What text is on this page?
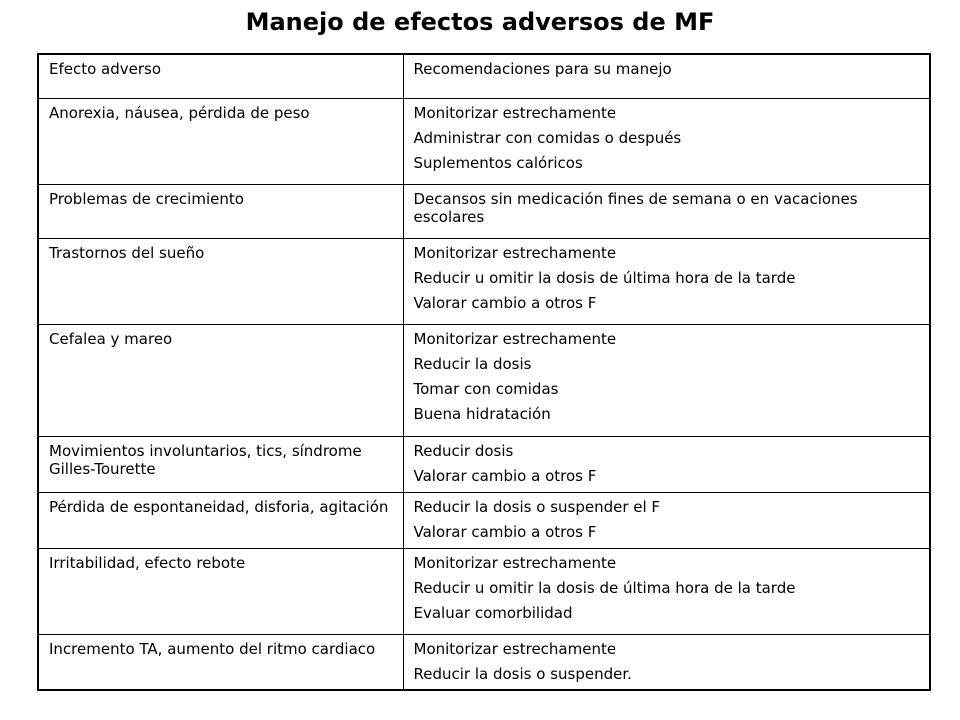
Manejo de efectos adversos de MF
Efecto adverso	Recomendaciones para su manejo

Anorexia, náusea, pérdida de peso	Monitorizar estrechamente
Administrar con comidas o después
Suplementos calóricos

Problemas de crecimiento	Decansos sin medicación fines de semana o en vacaciones escolares

Trastornos del sueño	Monitorizar estrechamente
Reducir u omitir la dosis de última hora de la tarde
Valorar cambio a otros F

Cefalea y mareo	Monitorizar estrechamente
Reducir la dosis
Tomar con comidas
Buena hidratación

Movimientos involuntarios, tics, síndrome Gilles-Tourette	Reducir dosis
Valorar cambio a otros F

Pérdida de espontaneidad, disforia, agitación	Reducir la dosis o suspender el F
Valorar cambio a otros F

Irritabilidad, efecto rebote	Monitorizar estrechamente
Reducir u omitir la dosis de última hora de la tarde
Evaluar comorbilidad

Incremento TA, aumento del ritmo cardiaco	Monitorizar estrechamente
Reducir la dosis o suspender.
